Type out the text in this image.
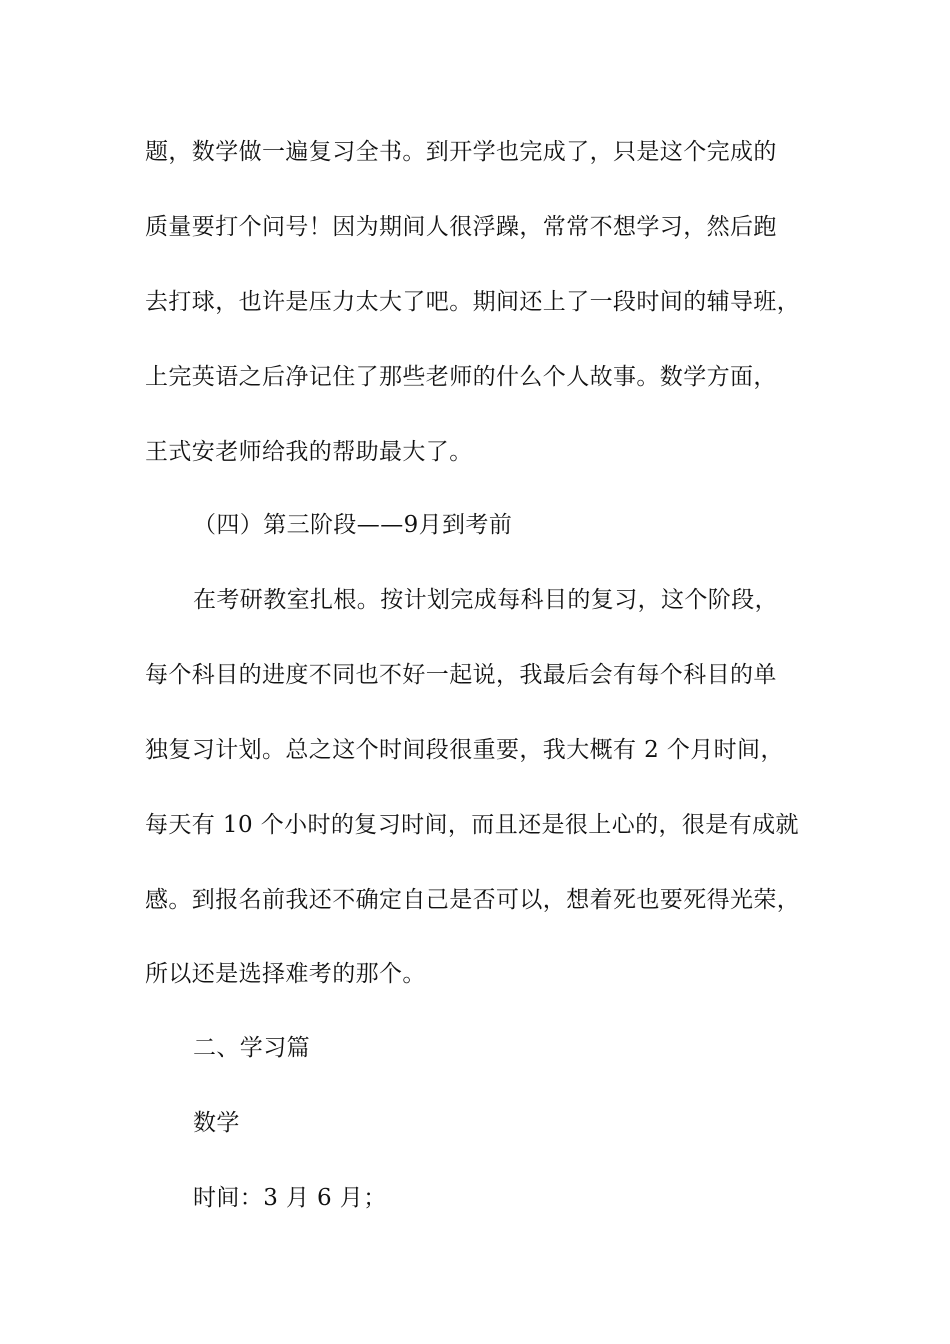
题，数学做一遍复习全书。到开学也完成了，只是这个完成的
质量要打个问号！因为期间人很浮躁，常常不想学习，然后跑
去打球，也许是压力太大了吧。期间还上了一段时间的辅导班，
上完英语之后净记住了那些老师的什么个人故事。数学方面，
王式安老师给我的帮助最大了。
（四）第三阶段——9月到考前
在考研教室扎根。按计划完成每科目的复习，这个阶段，
每个科目的进度不同也不好一起说，我最后会有每个科目的单
独复习计划。总之这个时间段很重要，我大概有 2 个月时间，
每天有 10 个小时的复习时间，而且还是很上心的，很是有成就
感。到报名前我还不确定自己是否可以，想着死也要死得光荣，
所以还是选择难考的那个。
二、学习篇
数学
时间：3 月 6 月；
